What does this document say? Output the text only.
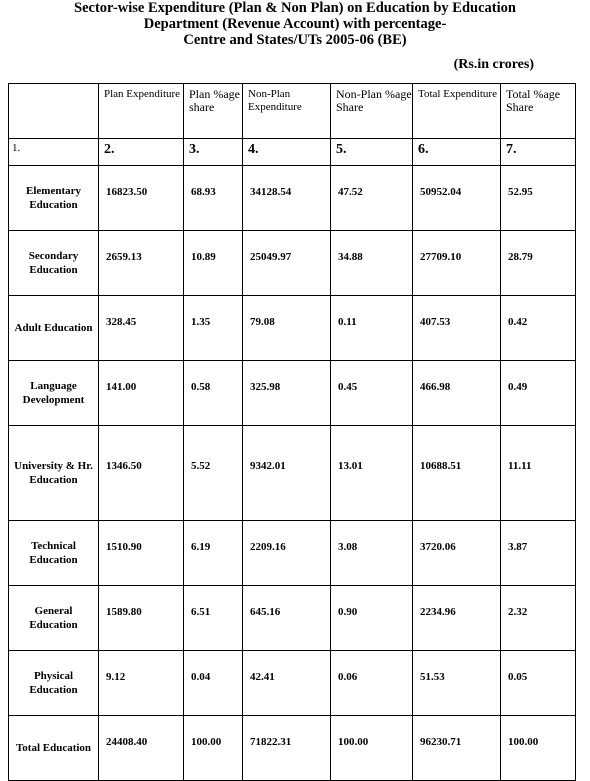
Sector-wise Expenditure (Plan & Non Plan) on Education by Education
Department (Revenue Account) with percentage-
Centre and States/UTs 2005-06 (BE)
(Rs.in crores)
	Plan Expenditure	Plan %age share	Non-Plan Expenditure	Non-Plan %age Share	Total Expenditure	Total %age Share
1.	2.	3.	4.	5.	6.	7.
Elementary Education	16823.50	68.93	34128.54	47.52	50952.04	52.95
Secondary Education	2659.13	10.89	25049.97	34.88	27709.10	28.79
Adult Education	328.45	1.35	79.08	0.11	407.53	0.42
Language Development	141.00	0.58	325.98	0.45	466.98	0.49
University & Hr. Education	1346.50	5.52	9342.01	13.01	10688.51	11.11
Technical Education	1510.90	6.19	2209.16	3.08	3720.06	3.87
General Education	1589.80	6.51	645.16	0.90	2234.96	2.32
Physical Education	9.12	0.04	42.41	0.06	51.53	0.05
Total Education	24408.40	100.00	71822.31	100.00	96230.71	100.00
